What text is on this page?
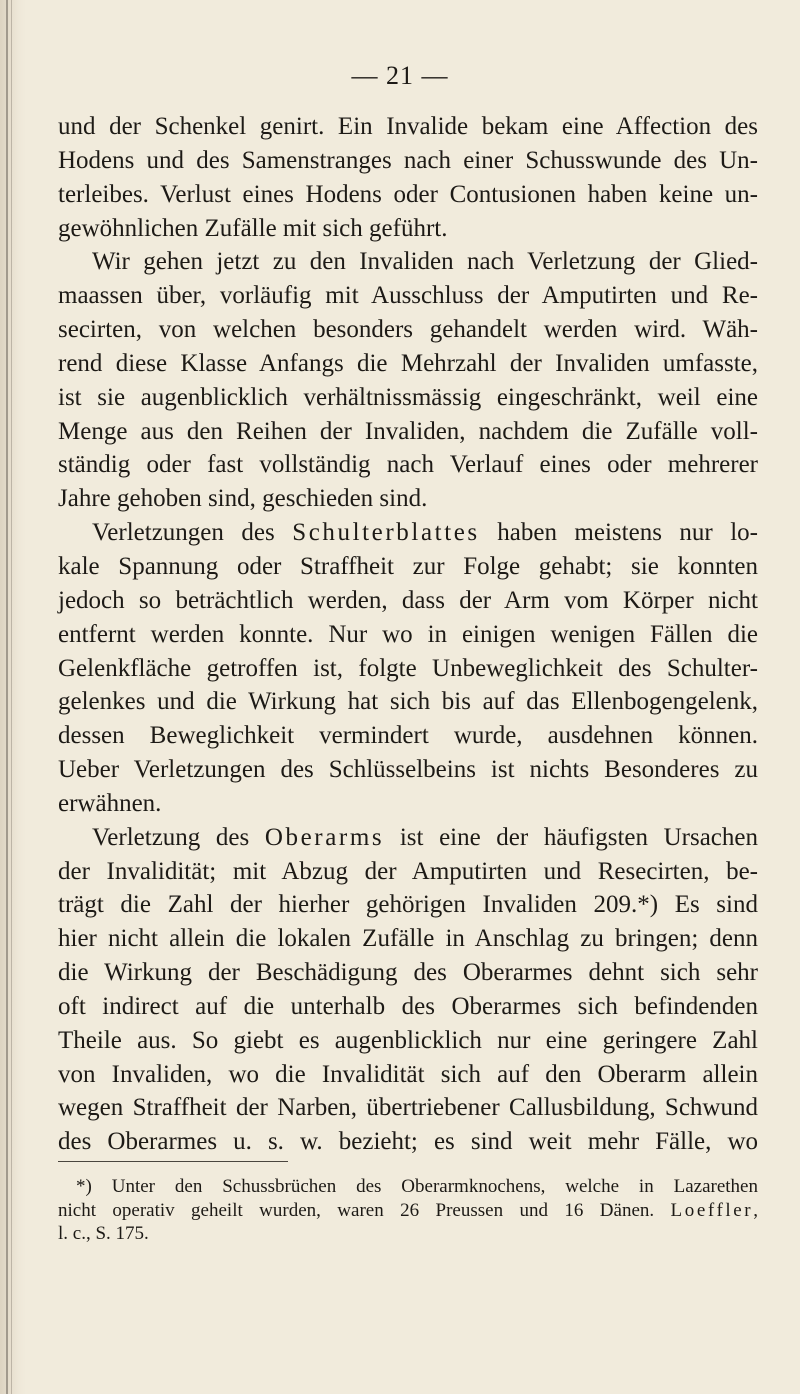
— 21 —
und der Schenkel genirt. Ein Invalide bekam eine Affection des
Hodens und des Samenstranges nach einer Schusswunde des Un-
terleibes. Verlust eines Hodens oder Contusionen haben keine un-
gewöhnlichen Zufälle mit sich geführt.
Wir gehen jetzt zu den Invaliden nach Verletzung der Glied-
maassen über, vorläufig mit Ausschluss der Amputirten und Re-
secirten, von welchen besonders gehandelt werden wird. Wäh-
rend diese Klasse Anfangs die Mehrzahl der Invaliden umfasste,
ist sie augenblicklich verhältnissmässig eingeschränkt, weil eine
Menge aus den Reihen der Invaliden, nachdem die Zufälle voll-
ständig oder fast vollständig nach Verlauf eines oder mehrerer
Jahre gehoben sind, geschieden sind.
Verletzungen des Schulterblattes haben meistens nur lo-
kale Spannung oder Straffheit zur Folge gehabt; sie konnten
jedoch so beträchtlich werden, dass der Arm vom Körper nicht
entfernt werden konnte. Nur wo in einigen wenigen Fällen die
Gelenkfläche getroffen ist, folgte Unbeweglichkeit des Schulter-
gelenkes und die Wirkung hat sich bis auf das Ellenbogengelenk,
dessen Beweglichkeit vermindert wurde, ausdehnen können.
Ueber Verletzungen des Schlüsselbeins ist nichts Besonderes zu
erwähnen.
Verletzung des Oberarms ist eine der häufigsten Ursachen
der Invalidität; mit Abzug der Amputirten und Resecirten, be-
trägt die Zahl der hierher gehörigen Invaliden 209.*) Es sind
hier nicht allein die lokalen Zufälle in Anschlag zu bringen; denn
die Wirkung der Beschädigung des Oberarmes dehnt sich sehr
oft indirect auf die unterhalb des Oberarmes sich befindenden
Theile aus. So giebt es augenblicklich nur eine geringere Zahl
von Invaliden, wo die Invalidität sich auf den Oberarm allein
wegen Straffheit der Narben, übertriebener Callusbildung, Schwund
des Oberarmes u. s. w. bezieht; es sind weit mehr Fälle, wo
*) Unter den Schussbrüchen des Oberarmknochens, welche in Lazarethen
nicht operativ geheilt wurden, waren 26 Preussen und 16 Dänen. Loeffler,
l. c., S. 175.
